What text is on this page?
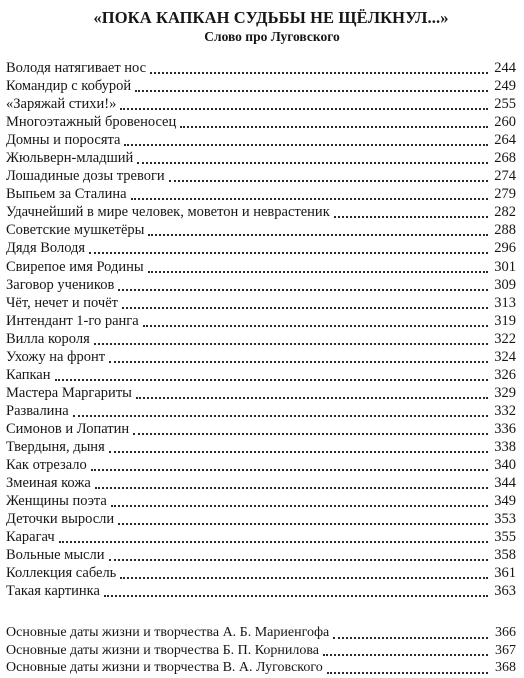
«ПОКА КАПКАН СУДЬБЫ НЕ ЩЁЛКНУЛ...»
Слово про Луговского
Володя натягивает нос	244
Командир с кобурой	249
«Заряжай стихи!»	255
Многоэтажный бровеносец	260
Домны и поросята	264
Жюльверн-младший	268
Лошадиные дозы тревоги	274
Выпьем за Сталина	279
Удачнейший в мире человек, моветон и неврастеник	282
Советские мушкетёры	288
Дядя Володя	296
Свирепое имя Родины	301
Заговор учеников	309
Чёт, нечет и почёт	313
Интендант 1-го ранга	319
Вилла короля	322
Ухожу на фронт	324
Капкан	326
Мастера Маргариты	329
Развалина	332
Симонов и Лопатин	336
Твердыня, дыня	338
Как отрезало	340
Змеиная кожа	344
Женщины поэта	349
Деточки выросли	353
Карагач	355
Вольные мысли	358
Коллекция сабель	361
Такая картинка	363
Основные даты жизни и творчества А. Б. Мариенгофа	366
Основные даты жизни и творчества Б. П. Корнилова	367
Основные даты жизни и творчества В. А. Луговского	368
